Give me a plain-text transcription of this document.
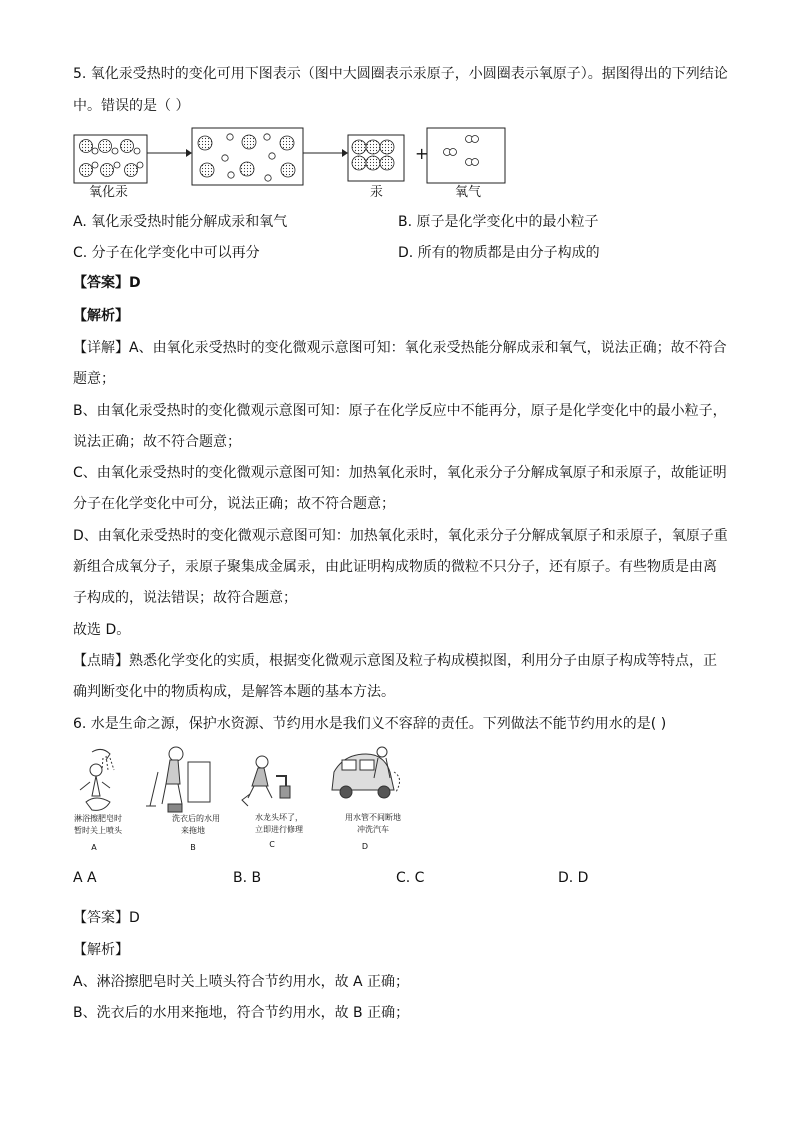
5. 氧化汞受热时的变化可用下图表示（图中大圆圈表示汞原子，小圆圈表示氧原子）。据图得出的下列结论
中。错误的是（ ）
+
氧化汞	汞	氧气
A. 氧化汞受热时能分解成汞和氧气	B. 原子是化学变化中的最小粒子
C. 分子在化学变化中可以再分	D. 所有的物质都是由分子构成的
【答案】D
【解析】
【详解】A、由氧化汞受热时的变化微观示意图可知：氧化汞受热能分解成汞和氧气，说法正确；故不符合
题意；
B、由氧化汞受热时的变化微观示意图可知：原子在化学反应中不能再分，原子是化学变化中的最小粒子，
说法正确；故不符合题意；
C、由氧化汞受热时的变化微观示意图可知：加热氧化汞时，氧化汞分子分解成氧原子和汞原子，故能证明
分子在化学变化中可分，说法正确；故不符合题意；
D、由氧化汞受热时的变化微观示意图可知：加热氧化汞时，氧化汞分子分解成氧原子和汞原子，氧原子重
新组合成氧分子，汞原子聚集成金属汞，由此证明构成物质的微粒不只分子，还有原子。有些物质是由离
子构成的，说法错误；故符合题意；
故选 D。
【点睛】熟悉化学变化的实质，根据变化微观示意图及粒子构成模拟图，利用分子由原子构成等特点，正
确判断变化中的物质构成，是解答本题的基本方法。
6. 水是生命之源，保护水资源、节约用水是我们义不容辞的责任。下列做法不能节约用水的是( )
淋浴擦肥皂时
暂时关上喷头
A
洗衣后的水用
来拖地
B
水龙头坏了，
立即进行修理
C
用水管不间断地
冲洗汽车
D
A A	B. B	C. C	D. D
【答案】D
【解析】
A、淋浴擦肥皂时关上喷头符合节约用水，故 A 正确；
B、洗衣后的水用来拖地，符合节约用水，故 B 正确；
